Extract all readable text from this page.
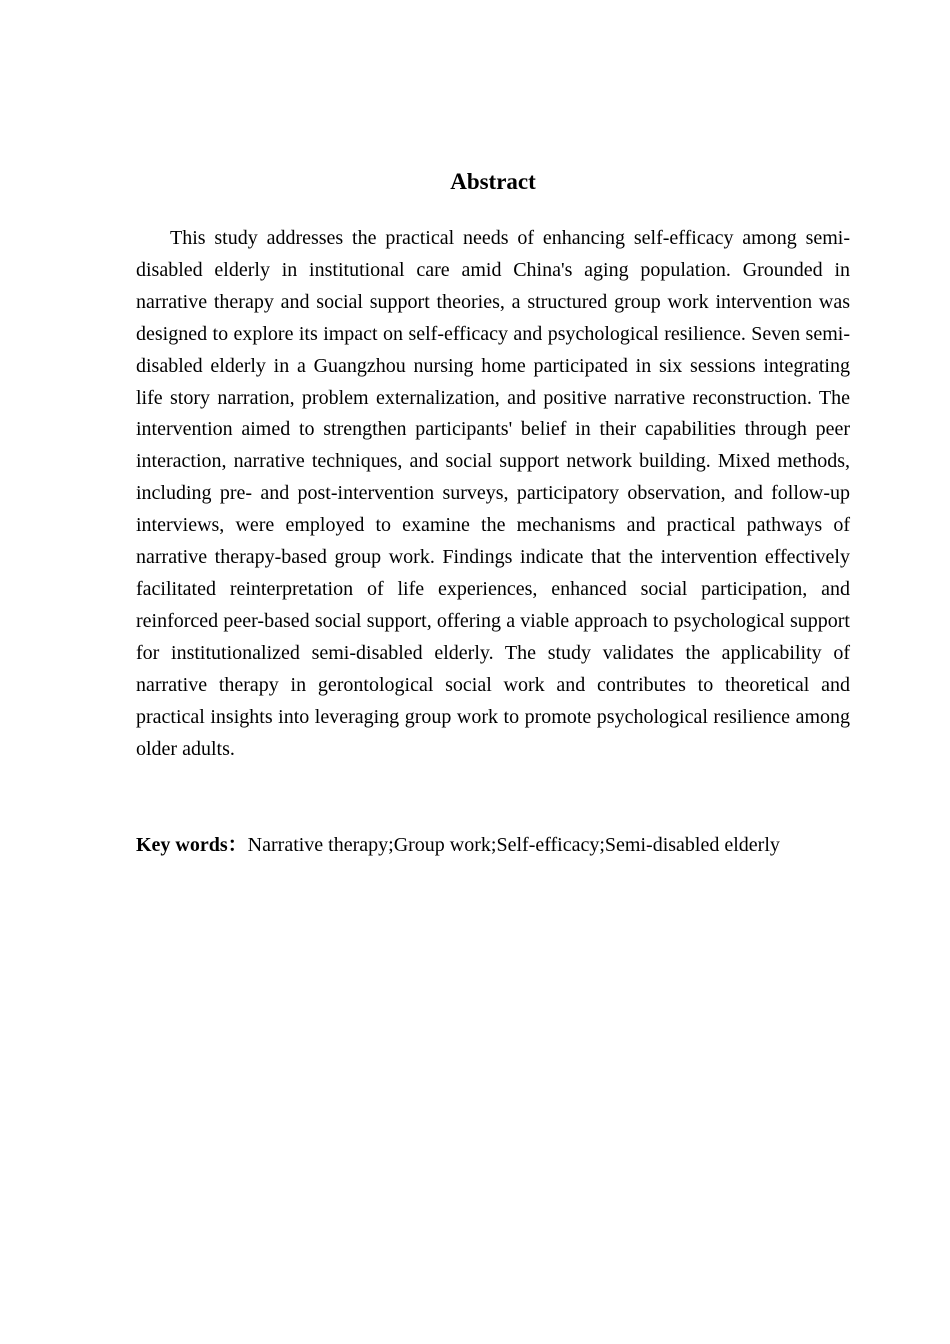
Abstract

This study addresses the practical needs of enhancing self-efficacy among semi-disabled elderly in institutional care amid China's aging population. Grounded in narrative therapy and social support theories, a structured group work intervention was designed to explore its impact on self-efficacy and psychological resilience. Seven semi-disabled elderly in a Guangzhou nursing home participated in six sessions integrating life story narration, problem externalization, and positive narrative reconstruction. The intervention aimed to strengthen participants' belief in their capabilities through peer interaction, narrative techniques, and social support network building. Mixed methods, including pre- and post-intervention surveys, participatory observation, and follow-up interviews, were employed to examine the mechanisms and practical pathways of narrative therapy-based group work. Findings indicate that the intervention effectively facilitated reinterpretation of life experiences, enhanced social participation, and reinforced peer-based social support, offering a viable approach to psychological support for institutionalized semi-disabled elderly. The study validates the applicability of narrative therapy in gerontological social work and contributes to theoretical and practical insights into leveraging group work to promote psychological resilience among older adults.

Key words：Narrative therapy;Group work;Self-efficacy;Semi-disabled elderly
